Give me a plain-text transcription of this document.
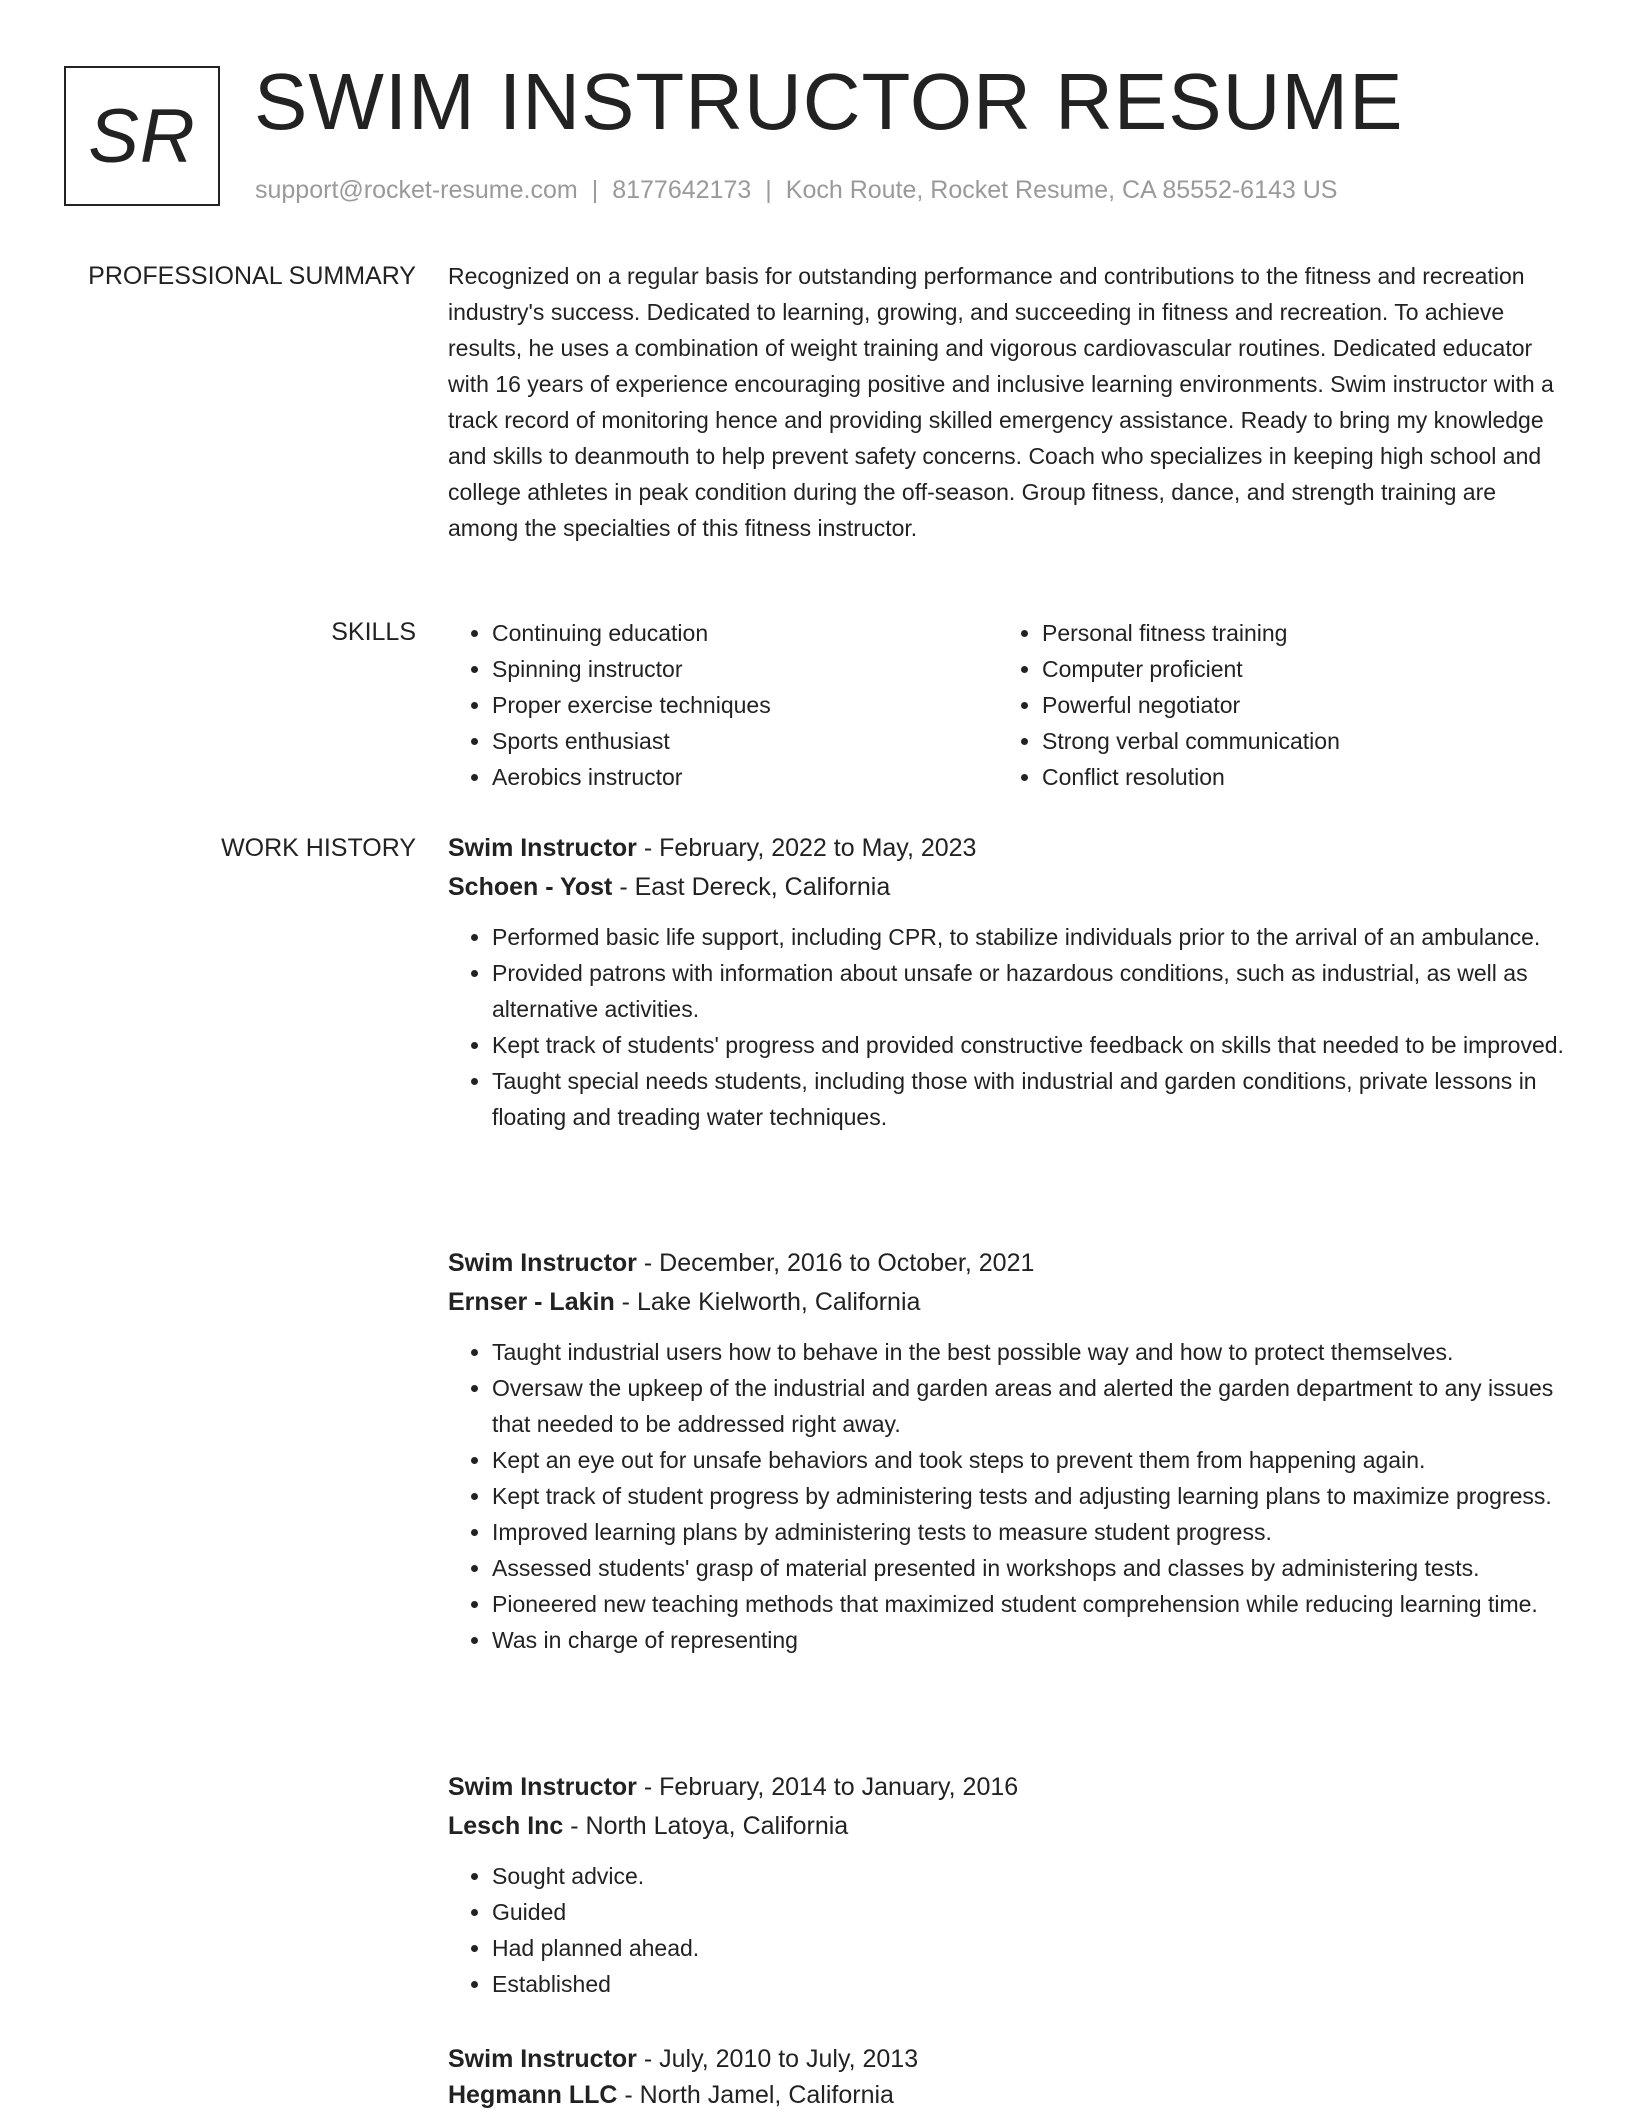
SR SWIM INSTRUCTOR RESUME
support@rocket-resume.com | 8177642173 | Koch Route, Rocket Resume, CA 85552-6143 US
PROFESSIONAL SUMMARY Recognized on a regular basis for outstanding performance and contributions to the fitness and recreation industry's success. Dedicated to learning, growing, and succeeding in fitness and recreation. To achieve results, he uses a combination of weight training and vigorous cardiovascular routines. Dedicated educator with 16 years of experience encouraging positive and inclusive learning environments. Swim instructor with a track record of monitoring hence and providing skilled emergency assistance. Ready to bring my knowledge and skills to deanmouth to help prevent safety concerns. Coach who specializes in keeping high school and college athletes in peak condition during the off-season. Group fitness, dance, and strength training are among the specialties of this fitness instructor.

SKILLS
•	Continuing education
• Spinning instructor
• Proper exercise techniques
• Sports enthusiast
• Aerobics instructor
• Personal fitness training
• Computer proficient
• Powerful negotiator
• Strong verbal communication
• Conflict resolution
WORK HISTORY Swim Instructor - February, 2022 to May, 2023

Schoen - Yost - East Dereck, California

• Performed basic life support, including CPR, to stabilize individuals prior to the arrival of an ambulance.
• Provided patrons with information about unsafe or hazardous conditions, such as industrial, as well as alternative activities.
• Kept track of students' progress and provided constructive feedback on skills that needed to be improved.
• Taught special needs students, including those with industrial and garden conditions, private lessons in floating and treading water techniques.

Swim Instructor - December, 2016 to October, 2021

Ernser - Lakin - Lake Kielworth, California

• Taught industrial users how to behave in the best possible way and how to protect themselves.
• Oversaw the upkeep of the industrial and garden areas and alerted the garden department to any issues that needed to be addressed right away.
• Kept an eye out for unsafe behaviors and took steps to prevent them from happening again.
• Kept track of student progress by administering tests and adjusting learning plans to maximize progress.
• Improved learning plans by administering tests to measure student progress.
• Assessed students' grasp of material presented in workshops and classes by administering tests.
• Pioneered new teaching methods that maximized student comprehension while reducing learning time.
• Was in charge of representing

Swim Instructor - February, 2014 to January, 2016

Lesch Inc - North Latoya, California

• Sought advice.
• Guided
• Had planned ahead.
• Established

Swim Instructor - July, 2010 to July, 2013

Hegmann LLC - North Jamel, California
